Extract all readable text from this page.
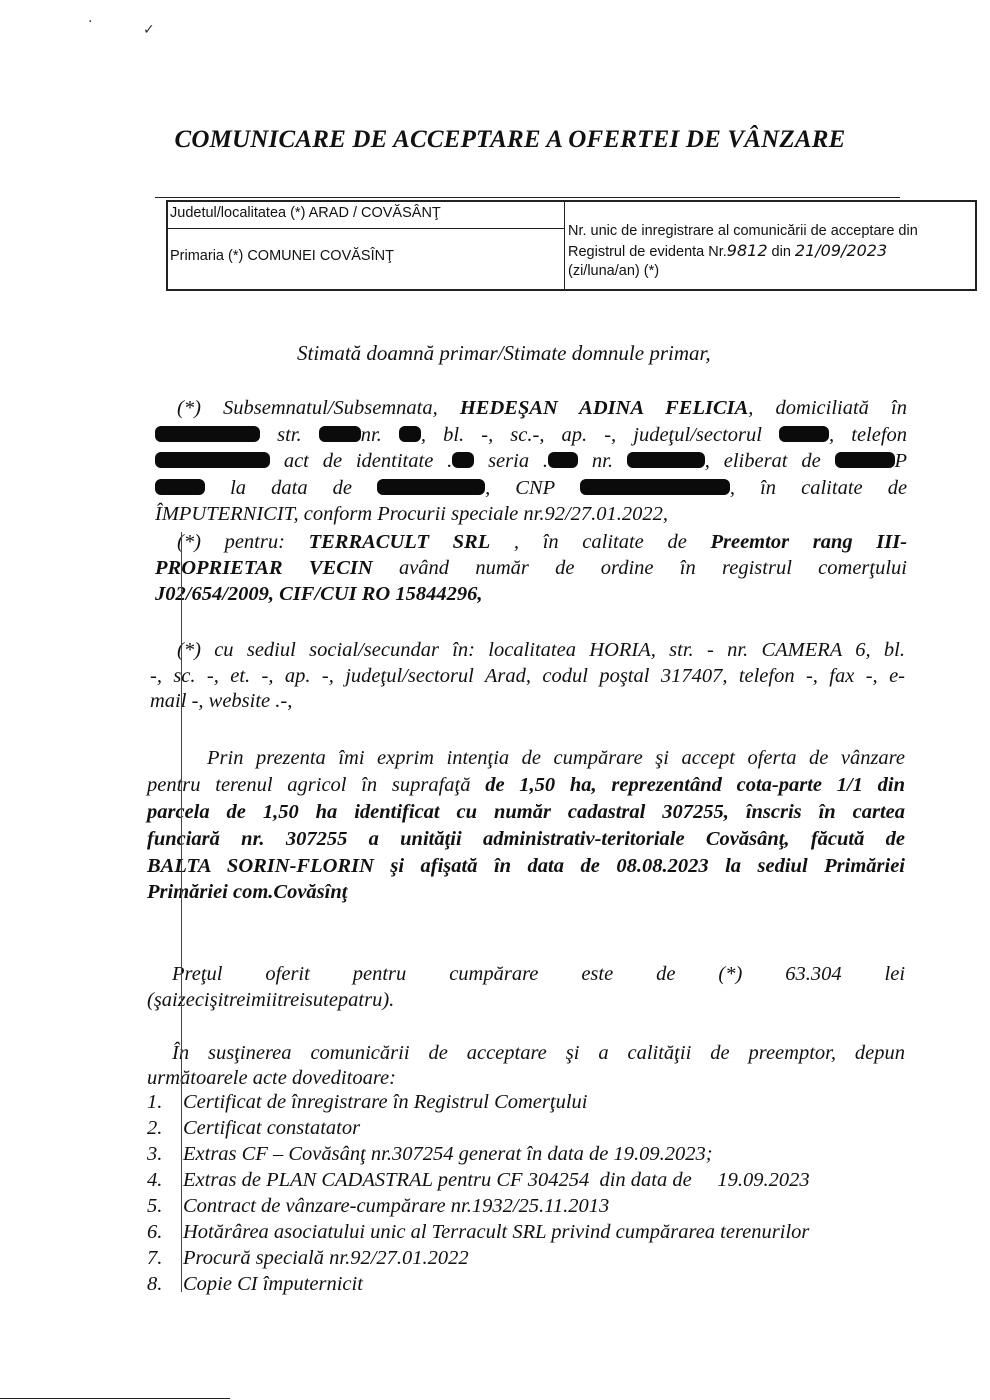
·	✓
COMUNICARE DE ACCEPTARE A OFERTEI DE VÂNZARE
Judetul/localitatea (*) ARAD / COVĂSÂNŢ
Primaria (*) COMUNEI COVĂSÎNŢ
Nr. unic de inregistrare al comunicării de acceptare din
Registrul de evidenta Nr.9812 din 21/09/2023
(zi/luna/an) (*)
Stimată doamnă primar/Stimate domnule primar,
(*) Subsemnatul/Subsemnata, HEDEŞAN ADINA FELICIA, domiciliată în
str.	nr. , bl. -, sc.-, ap. -, judeţul/sectorul	, telefon
act de identitate . seria . nr.	, eliberat de	P
la data de	, CNP	, în calitate de
ÎMPUTERNICIT, conform Procurii speciale nr.92/27.01.2022,
(*) pentru: TERRACULT SRL , în calitate de Preemtor rang III-
PROPRIETAR VECIN având număr de ordine în registrul comerţului
J02/654/2009, CIF/CUI RO 15844296,
(*) cu sediul social/secundar în: localitatea HORIA, str. - nr. CAMERA 6, bl.
-, sc. -, et. -, ap. -, judeţul/sectorul Arad, codul poştal 317407, telefon -, fax -, e-
mail -, website .-,
Prin prezenta îmi exprim intenţia de cumpărare şi accept oferta de vânzare
pentru terenul agricol în suprafaţă de 1,50 ha, reprezentând cota-parte 1/1 din
parcela de 1,50 ha identificat cu număr cadastral 307255, înscris în cartea
funciară nr. 307255 a unităţii administrativ-teritoriale Covăsânţ, făcută de
BALTA SORIN-FLORIN şi afişată în data de 08.08.2023 la sediul Primăriei
Primăriei com.Covăsînţ
Preţul oferit pentru cumpărare este de (*) 63.304 lei
(şaizecişitreimiitreisutepatru).
În susţinerea comunicării de acceptare şi a calităţii de preemptor, depun
următoarele acte doveditoare:
1. Certificat de înregistrare în Registrul Comerţului
2. Certificat constatator
3. Extras CF – Covăsânţ nr.307254 generat în data de 19.09.2023;
4. Extras de PLAN CADASTRAL pentru CF 304254  din data de     19.09.2023
5. Contract de vânzare-cumpărare nr.1932/25.11.2013
6. Hotărârea asociatului unic al Terracult SRL privind cumpărarea terenurilor
7. Procură specială nr.92/27.01.2022
8. Copie CI împuternicit
